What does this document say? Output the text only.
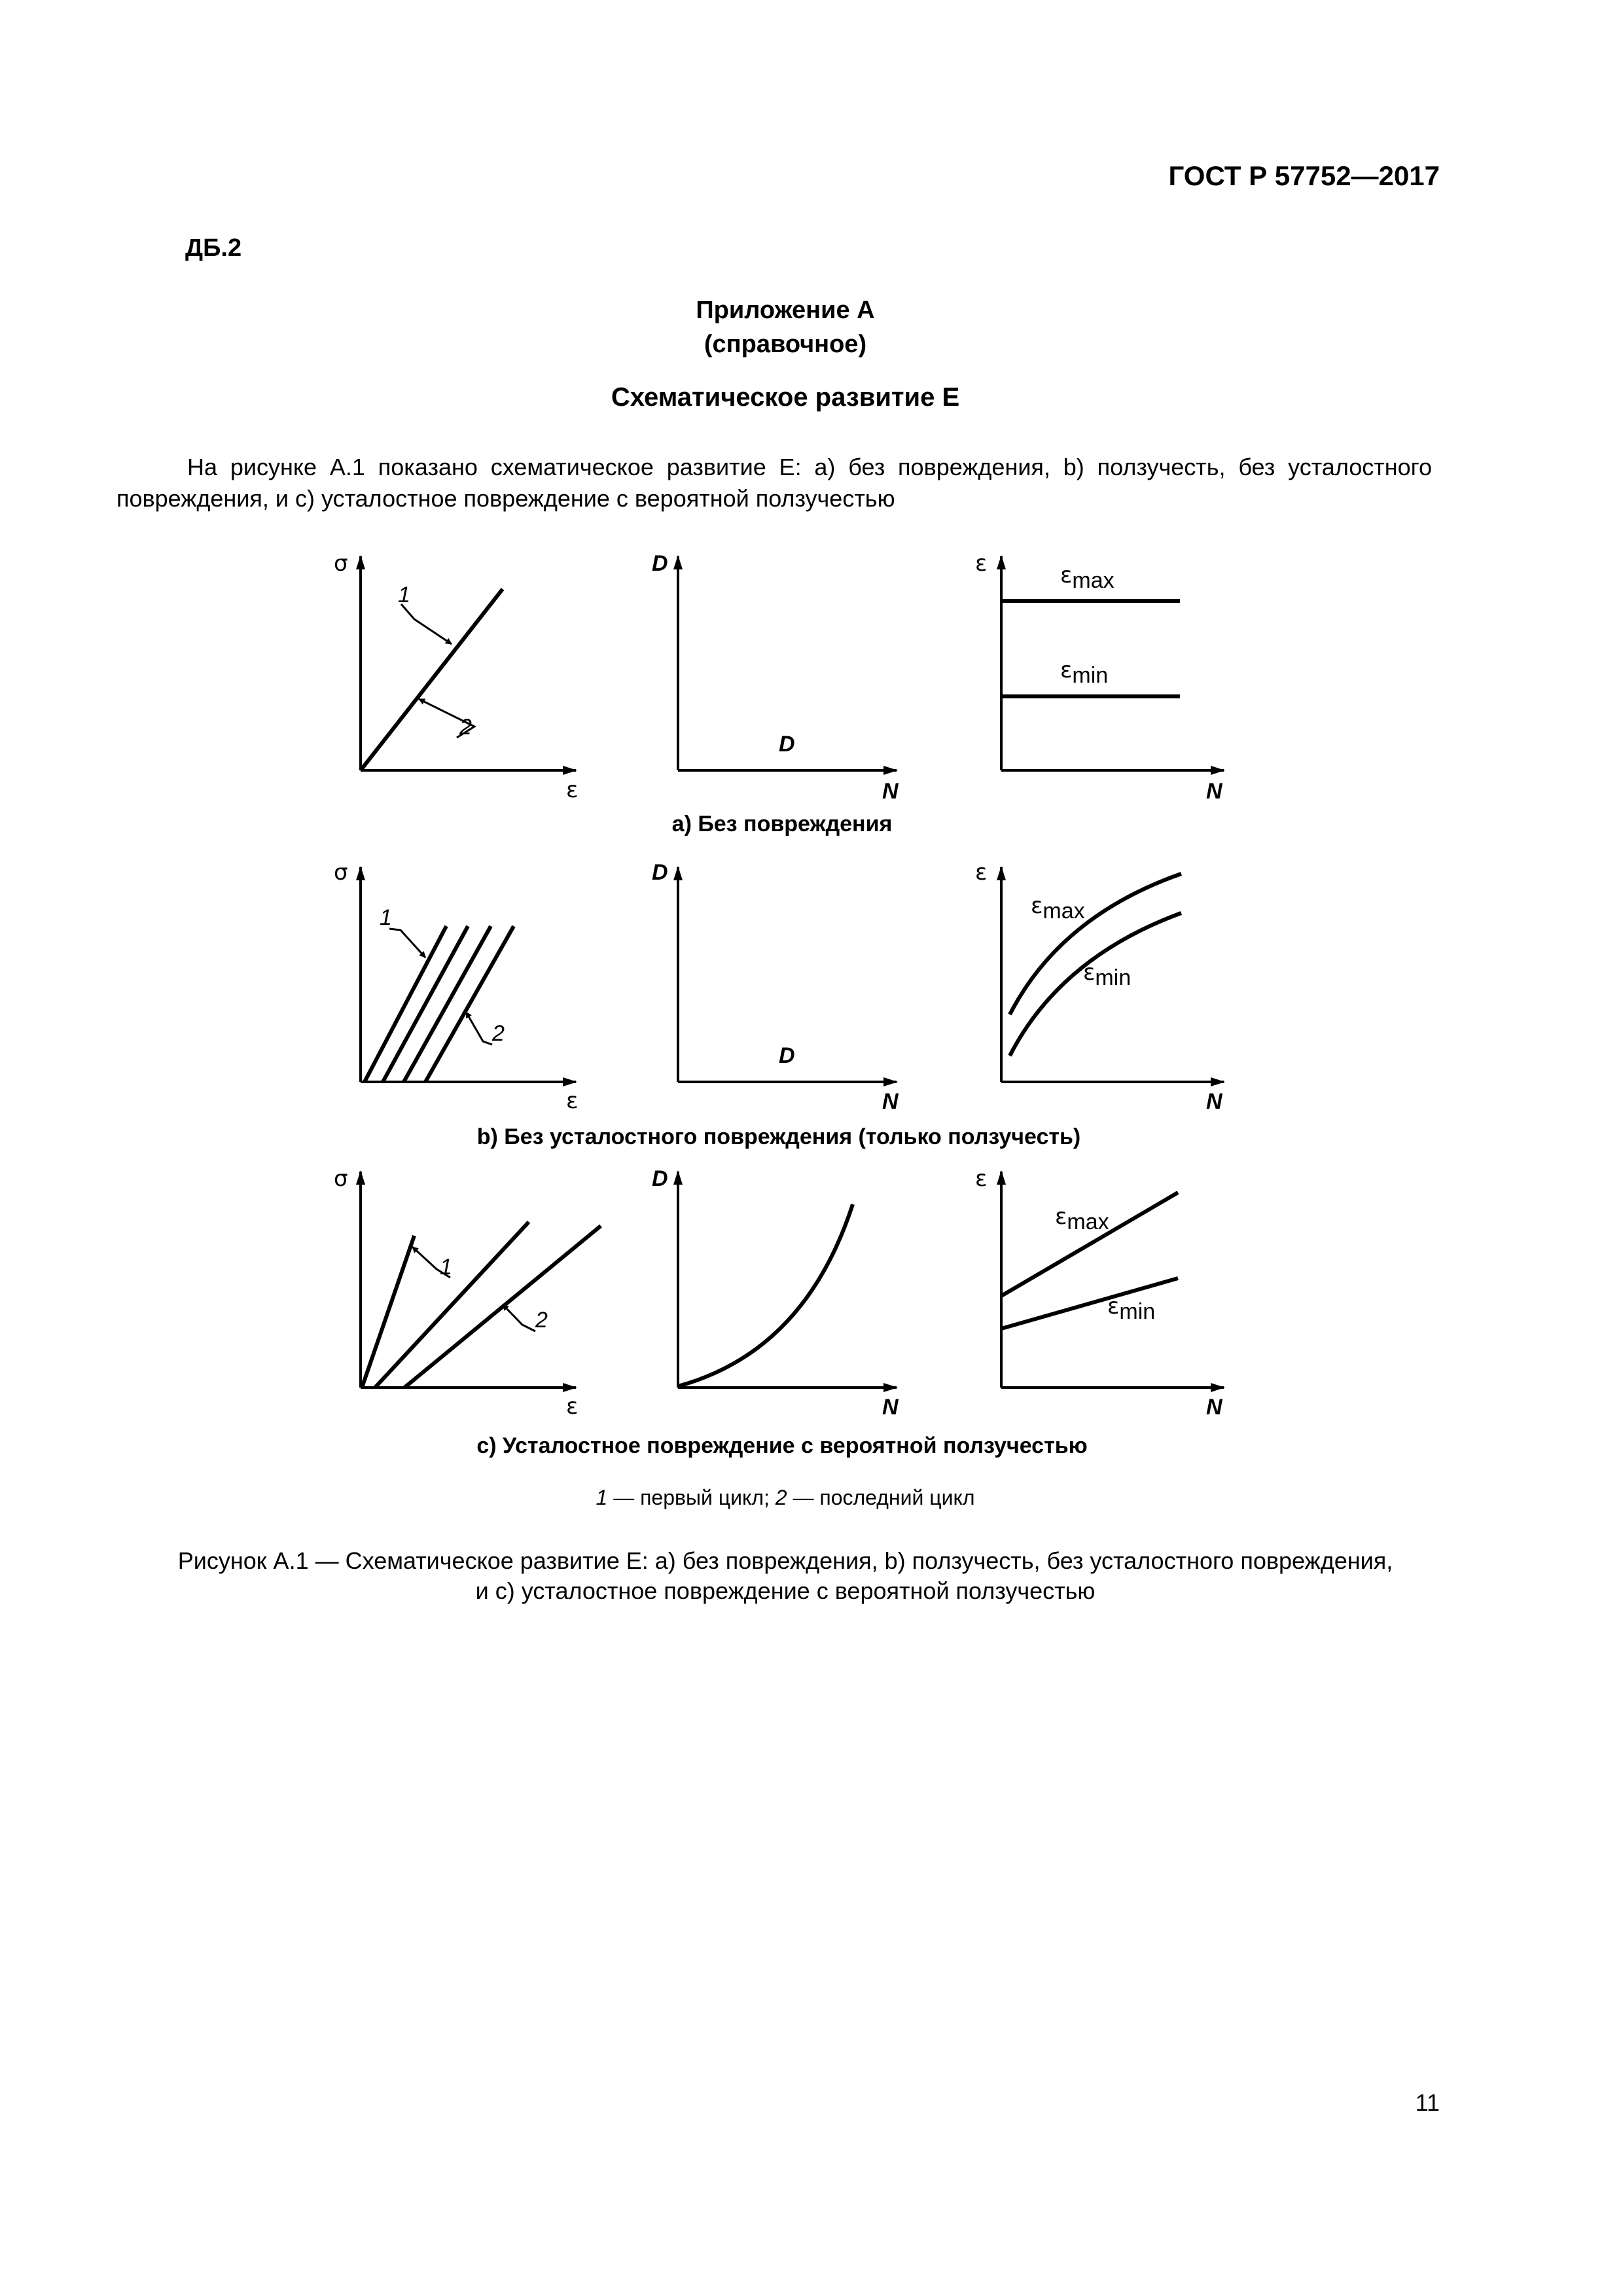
ГОСТ Р 57752—2017
ДБ.2
Приложение А
(справочное)
Схематическое развитие Е
На рисунке А.1 показано схематическое развитие Е: а) без повреждения, b) ползучесть, без усталостного повреждения, и с) усталостное повреждение с вероятной ползучестью
σ
ε
1
2
D
N
D
ε
N
εmax
εmin
a) Без повреждения
σ
ε
1
2
D
N
D
ε
N
εmax
εmin
b) Без усталостного повреждения (только ползучесть)
σ
ε
1
2
D
N
ε
N
εmax
εmin
c) Усталостное повреждение с вероятной ползучестью
1 — первый цикл; 2 — последний цикл
Рисунок А.1 — Схематическое развитие Е: а) без повреждения, b) ползучесть, без усталостного повреждения,
и с) усталостное повреждение с вероятной ползучестью
11
